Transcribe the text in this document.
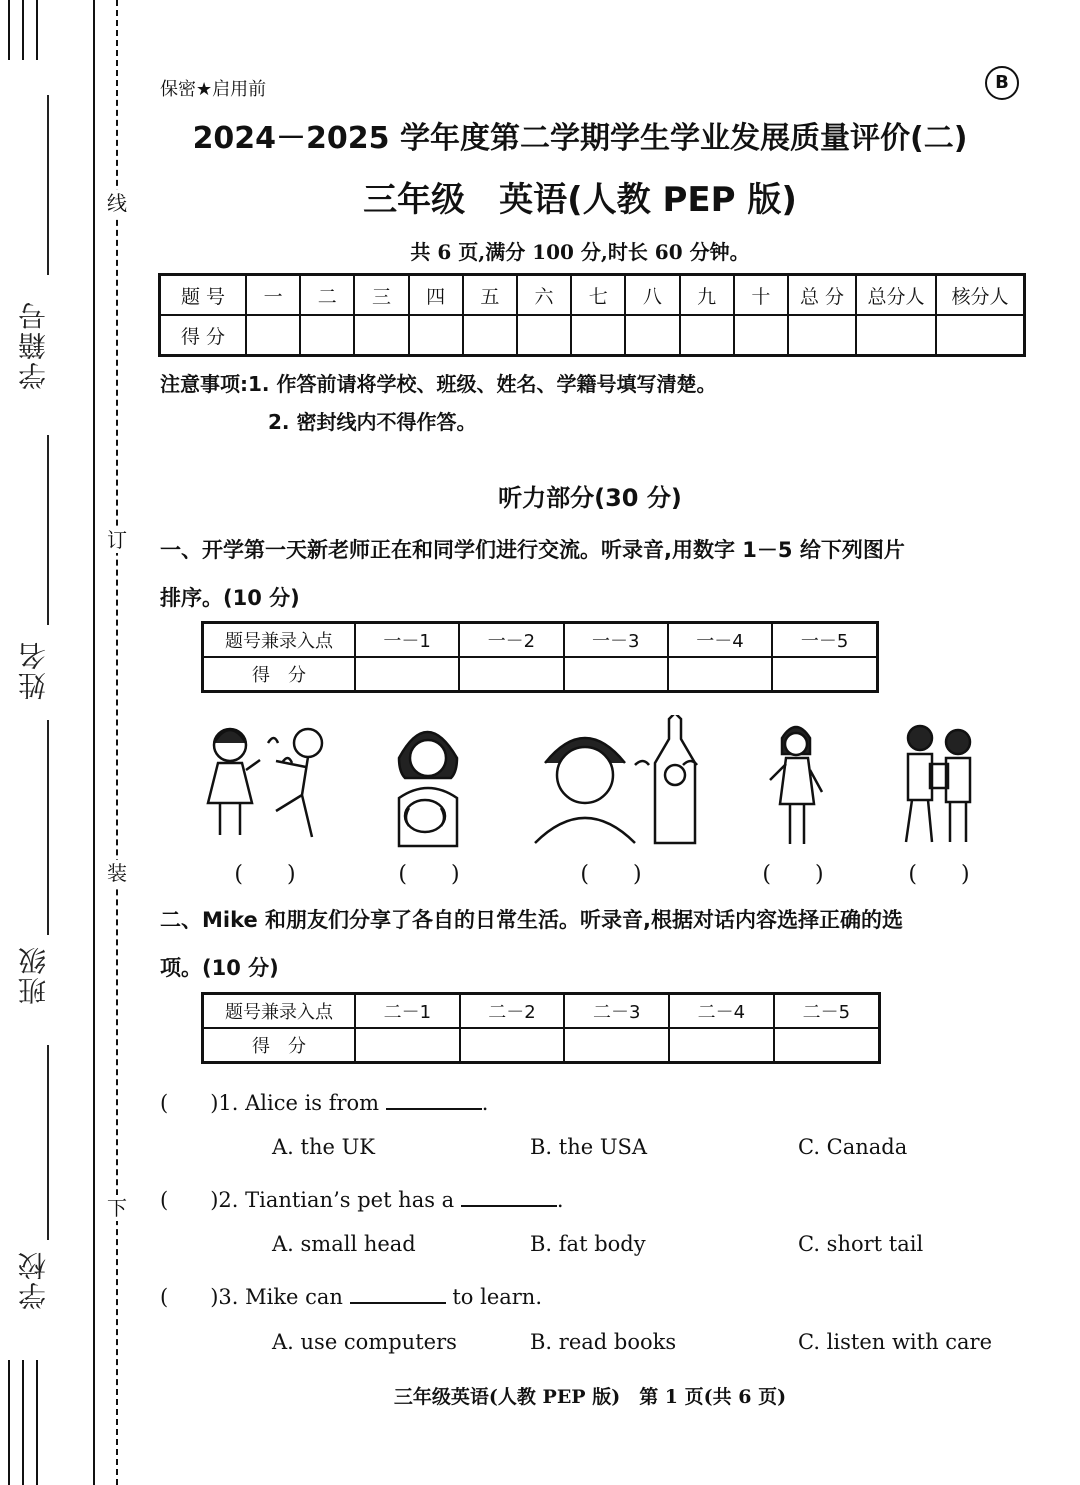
学籍号
姓名
班级
学校
线
订
装
下
保密★启用前	B
2024－2025 学年度第二学期学生学业发展质量评价(二)
三年级　英语(人教 PEP 版)
共 6 页,满分 100 分,时长 60 分钟。
题 号	一	二	三	四	五	六	七	八	九	十	总 分	总分人	核分人
得 分													
注意事项:1. 作答前请将学校、班级、姓名、学籍号填写清楚。
2. 密封线内不得作答。
听力部分(30 分)
一、开学第一天新老师正在和同学们进行交流。听录音,用数字 1－5 给下列图片
排序。(10 分)
题号兼录入点	一－1	一－2	一－3	一－4	一－5
得　分					
(　　)	(　　)	(　　)	(　　)	(　　)
二、Mike 和朋友们分享了各自的日常生活。听录音,根据对话内容选择正确的选
项。(10 分)
题号兼录入点	二－1	二－2	二－3	二－4	二－5
得　分					
(　　)1. Alice is from	.
A. the UK	B. the USA	C. Canada
(　　)2. Tiantian’s pet has a	.
A. small head	B. fat body	C. short tail
(　　)3. Mike can	to learn.
A. use computers	B. read books	C. listen with care
三年级英语(人教 PEP 版)　第 1 页(共 6 页)
